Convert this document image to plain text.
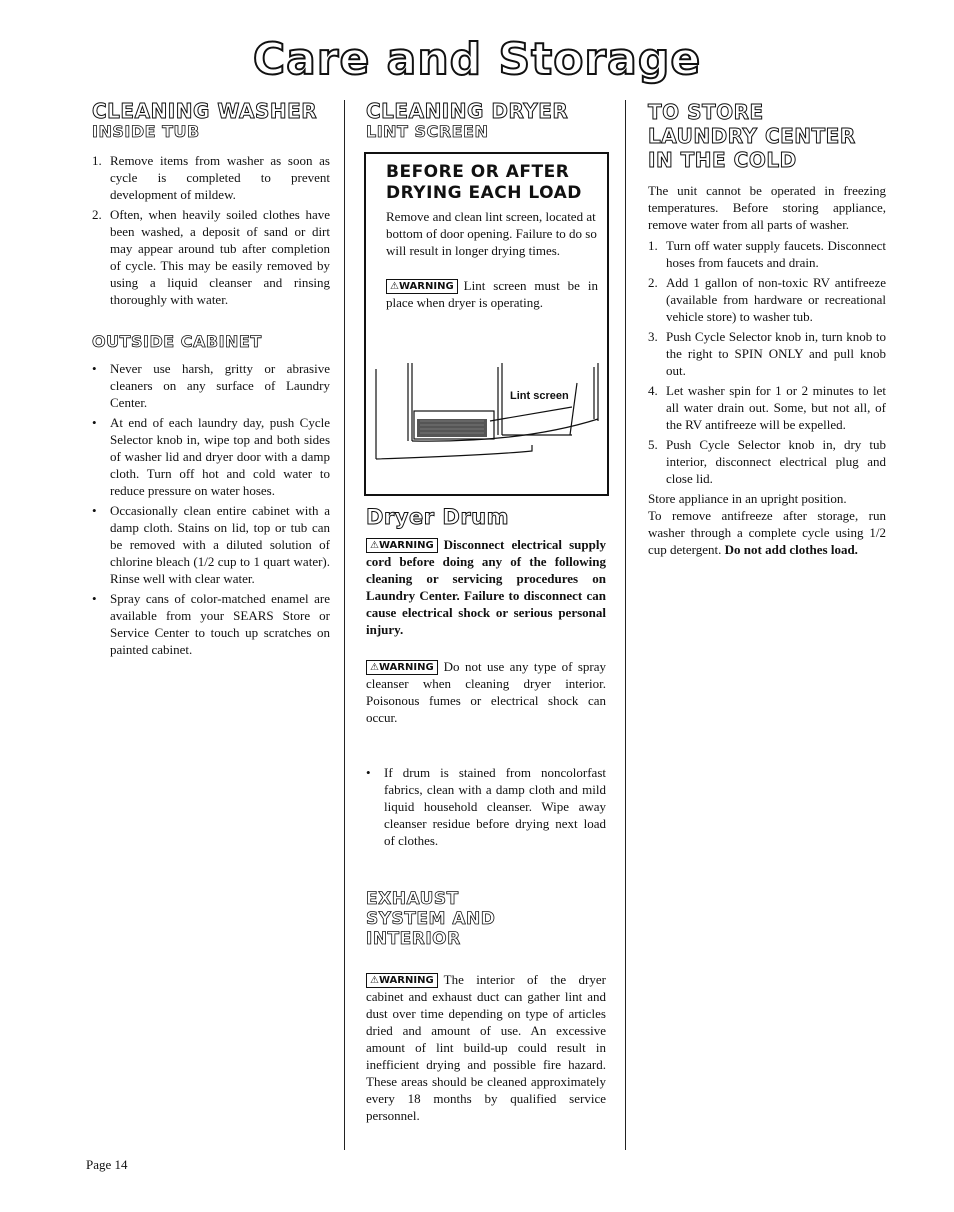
Care and Storage
CLEANING WASHER
INSIDE TUB
1. Remove items from washer as soon as cycle is completed to prevent development of mildew.
2. Often, when heavily soiled clothes have been washed, a deposit of sand or dirt may appear around tub after completion of cycle. This may be easily removed by using a liquid cleanser and rinsing thoroughly with water.
OUTSIDE CABINET
• Never use harsh, gritty or abrasive cleaners on any surface of Laundry Center.
• At end of each laundry day, push Cycle Selector knob in, wipe top and both sides of washer lid and dryer door with a damp cloth. Turn off hot and cold water to reduce pressure on water hoses.
• Occasionally clean entire cabinet with a damp cloth. Stains on lid, top or tub can be removed with a diluted solution of chlorine bleach (1/2 cup to 1 quart water). Rinse well with clear water.
• Spray cans of color-matched enamel are available from your SEARS Store or Service Center to touch up scratches on painted cabinet.
CLEANING DRYER
LINT SCREEN
BEFORE OR AFTER DRYING EACH LOAD

Remove and clean lint screen, located at bottom of door opening. Failure to do so will result in longer drying times.

⚠WARNING Lint screen must be in place when dryer is operating.

Lint screen
Dryer Drum

⚠WARNING Disconnect electrical supply cord before doing any of the following cleaning or servicing procedures on Laundry Center. Failure to disconnect can cause electrical shock or serious personal injury.

⚠WARNING Do not use any type of spray cleanser when cleaning dryer interior. Poisonous fumes or electrical shock can occur.

• If drum is stained from noncolorfast fabrics, clean with a damp cloth and mild liquid household cleanser. Wipe away cleanser residue before drying next load of clothes.
EXHAUST SYSTEM AND INTERIOR

⚠WARNING The interior of the dryer cabinet and exhaust duct can gather lint and dust over time depending on type of articles dried and amount of use. An excessive amount of lint build-up could result in inefficient drying and possible fire hazard. These areas should be cleaned approximately every 18 months by qualified service personnel.

TO STORE LAUNDRY CENTER IN THE COLD

The unit cannot be operated in freezing temperatures. Before storing appliance, remove water from all parts of washer.

1. Turn off water supply faucets. Disconnect hoses from faucets and drain.
2. Add 1 gallon of non-toxic RV antifreeze (available from hardware or recreational vehicle store) to washer tub.
3. Push Cycle Selector knob in, turn knob to the right to SPIN ONLY and pull knob out.
4. Let washer spin for 1 or 2 minutes to let all water drain out. Some, but not all, of the RV antifreeze will be expelled.
5. Push Cycle Selector knob in, dry tub interior, disconnect electrical plug and close lid.

Store appliance in an upright position.

To remove antifreeze after storage, run washer through a complete cycle using 1/2 cup detergent. Do not add clothes load.

Page 14
